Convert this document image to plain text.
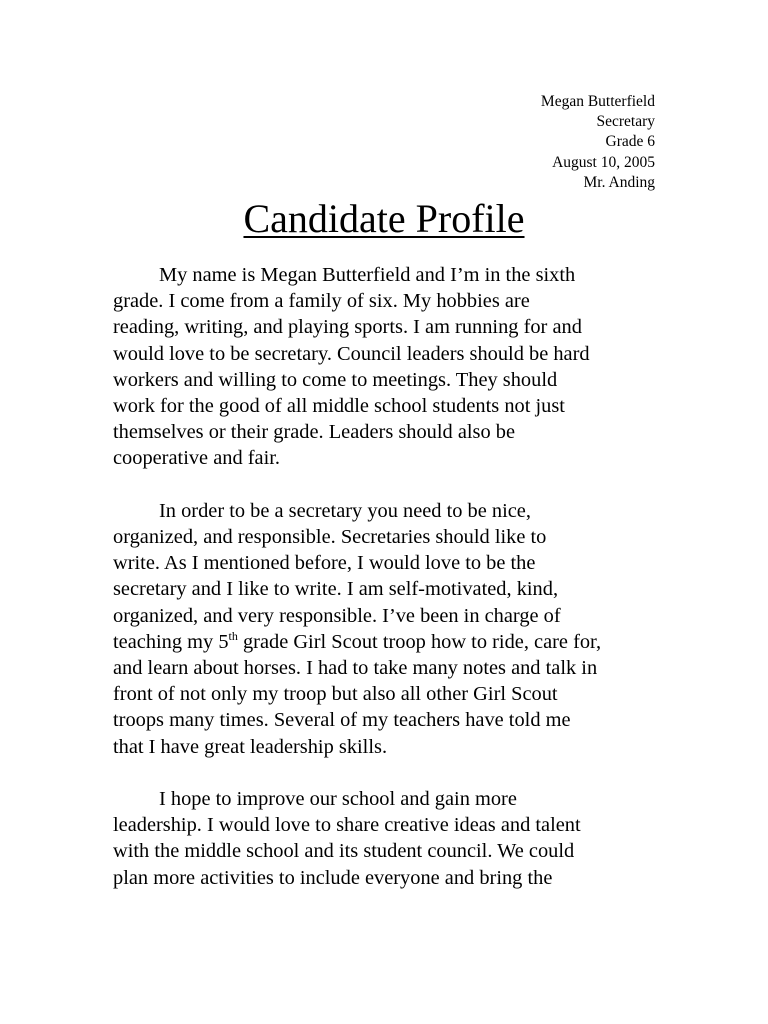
Megan Butterfield
Secretary
Grade 6
August 10, 2005
Mr. Anding
Candidate Profile
My name is Megan Butterfield and I’m in the sixth
grade. I come from a family of six. My hobbies are
reading, writing, and playing sports. I am running for and
would love to be secretary. Council leaders should be hard
workers and willing to come to meetings. They should
work for the good of all middle school students not just
themselves or their grade. Leaders should also be
cooperative and fair.
In order to be a secretary you need to be nice,
organized, and responsible. Secretaries should like to
write. As I mentioned before, I would love to be the
secretary and I like to write. I am self-motivated, kind,
organized, and very responsible. I’ve been in charge of
teaching my 5th grade Girl Scout troop how to ride, care for,
and learn about horses. I had to take many notes and talk in
front of not only my troop but also all other Girl Scout
troops many times. Several of my teachers have told me
that I have great leadership skills.
I hope to improve our school and gain more
leadership. I would love to share creative ideas and talent
with the middle school and its student council. We could
plan more activities to include everyone and bring the
